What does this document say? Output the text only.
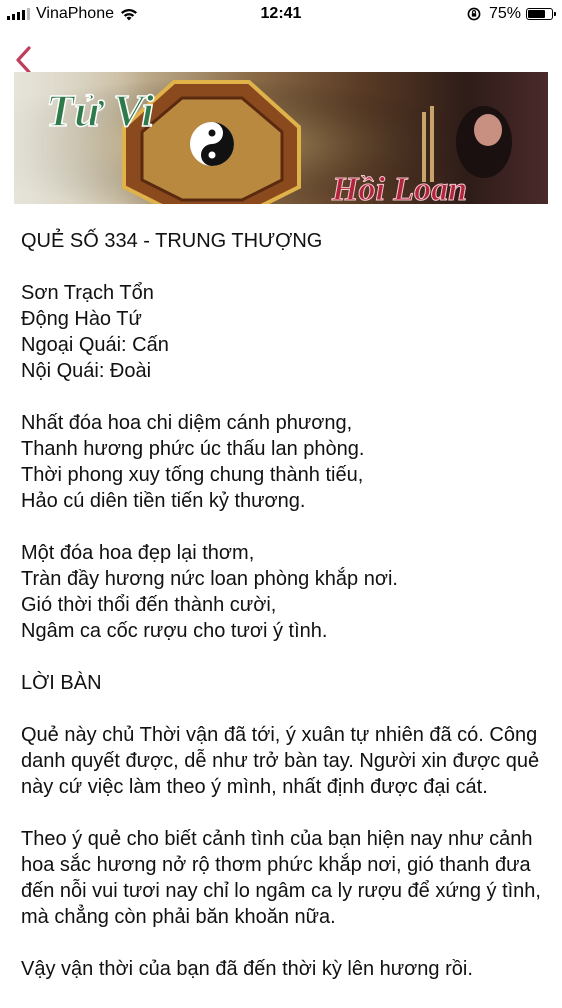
VinaPhone	12:41	75%
Tử Vi
Hồi Loan

QUẺ SỐ 334 - TRUNG THƯỢNG

Sơn Trạch Tổn
Động Hào Tứ
Ngoại Quái: Cấn
Nội Quái: Đoài

Nhất đóa hoa chi diệm cánh phương,
Thanh hương phức úc thấu lan phòng.
Thời phong xuy tống chung thành tiếu,
Hảo cú diên tiền tiến kỷ thương.

Một đóa hoa đẹp lại thơm,
Tràn đầy hương nức loan phòng khắp nơi.
Gió thời thổi đến thành cười,
Ngâm ca cốc rượu cho tươi ý tình.

LỜI BÀN

Quẻ này chủ Thời vận đã tới, ý xuân tự nhiên đã có. Công danh quyết được, dễ như trở bàn tay. Người xin được quẻ này cứ việc làm theo ý mình, nhất định được đại cát.

Theo ý quẻ cho biết cảnh tình của bạn hiện nay như cảnh hoa sắc hương nở rộ thơm phức khắp nơi, gió thanh đưa đến nỗi vui tươi nay chỉ lo ngâm ca ly rượu để xứng ý tình, mà chẳng còn phải băn khoăn nữa.

Vậy vận thời của bạn đã đến thời kỳ lên hương rồi.
